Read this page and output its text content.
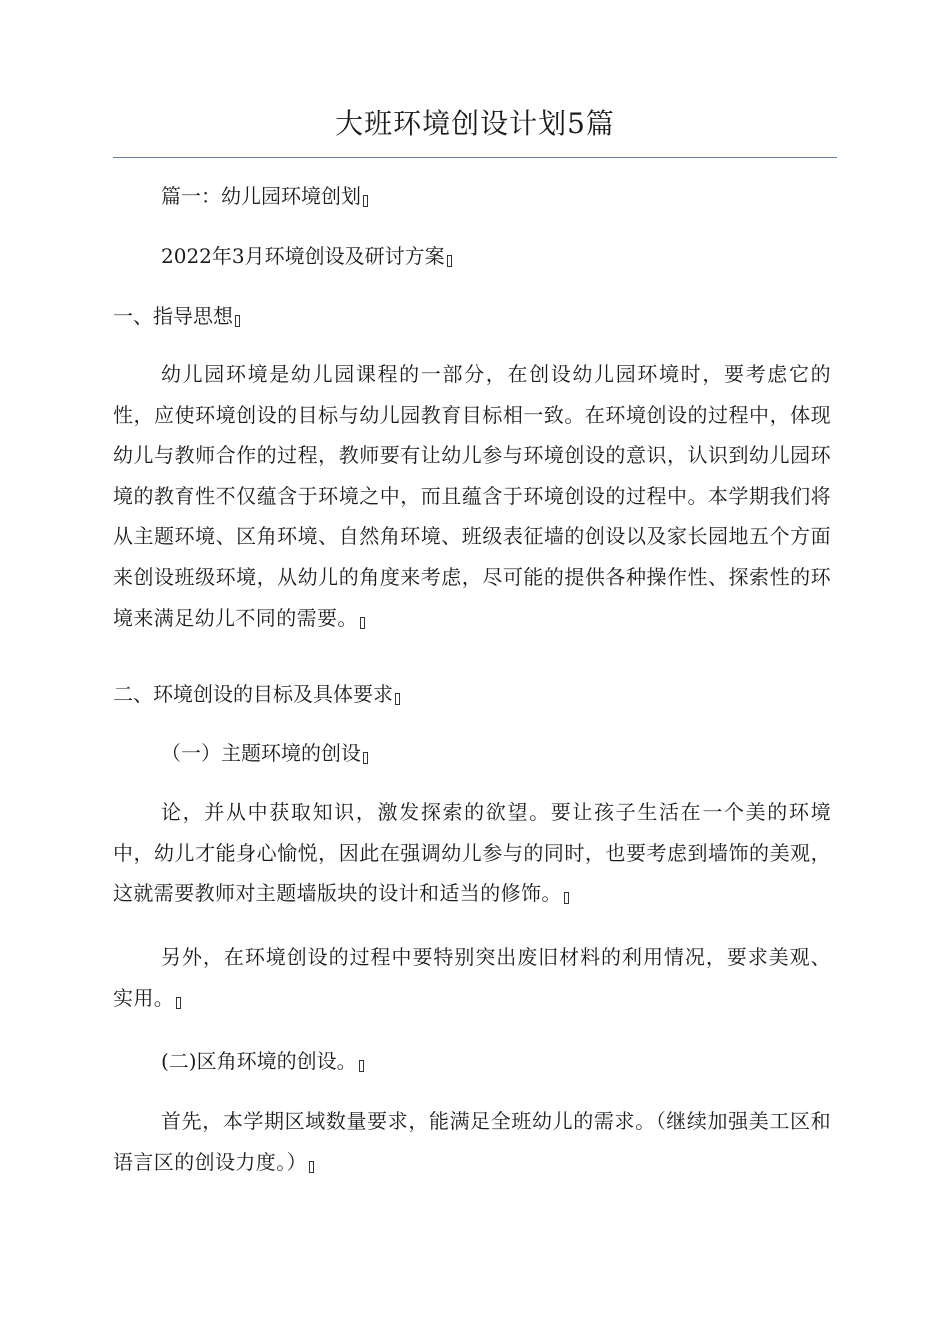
大班环境创设计划5篇
篇一：幼儿园环境创划
2022年3月环境创设及研讨方案
一、指导思想
幼儿园环境是幼儿园课程的一部分，在创设幼儿园环境时，要考虑它的性，应使环境创设的目标与幼儿园教育目标相一致。在环境创设的过程中，体现幼儿与教师合作的过程，教师要有让幼儿参与环境创设的意识，认识到幼儿园环境的教育性不仅蕴含于环境之中，而且蕴含于环境创设的过程中。本学期我们将从主题环境、区角环境、自然角环境、班级表征墙的创设以及家长园地五个方面来创设班级环境，从幼儿的角度来考虑，尽可能的提供各种操作性、探索性的环境来满足幼儿不同的需要。
二、环境创设的目标及具体要求
（一）主题环境的创设
论，并从中获取知识，激发探索的欲望。要让孩子生活在一个美的环境中，幼儿才能身心愉悦，因此在强调幼儿参与的同时，也要考虑到墙饰的美观，这就需要教师对主题墙版块的设计和适当的修饰。
另外，在环境创设的过程中要特别突出废旧材料的利用情况，要求美观、实用。
(二)区角环境的创设。
首先，本学期区域数量要求，能满足全班幼儿的需求。（继续加强美工区和语言区的创设力度。）
